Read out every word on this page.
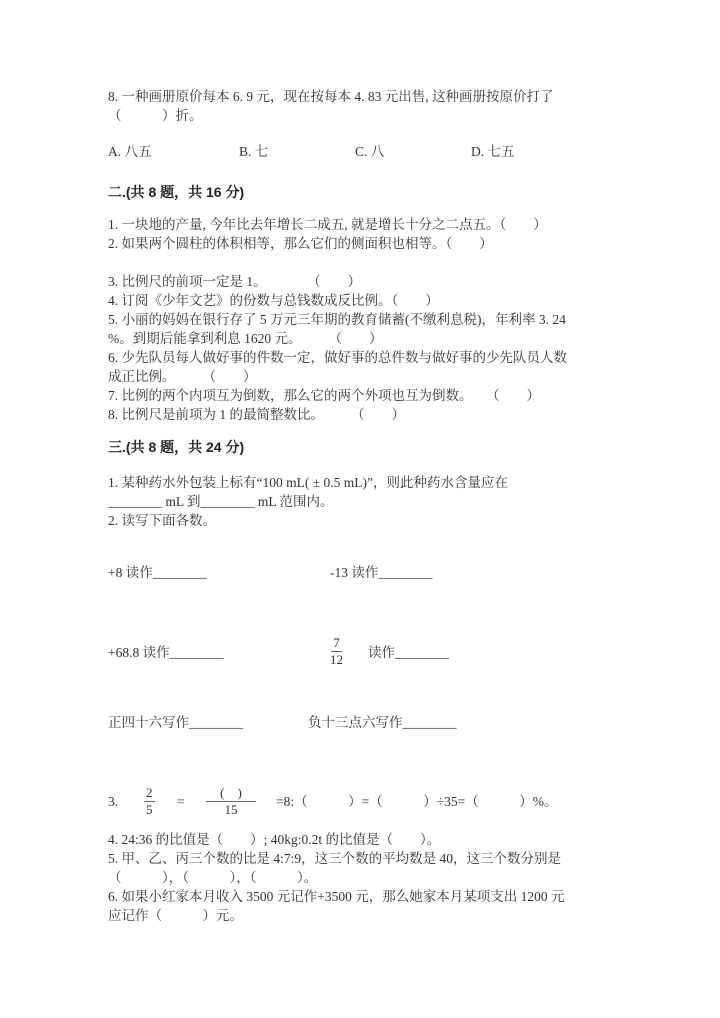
8. 一种画册原价每本 6. 9 元，现在按每本 4. 83 元出售, 这种画册按原价打了
（　　　）折。
A. 八五	B. 七	C. 八	D. 七五
二.(共 8 题，共 16 分)
1. 一块地的产量, 今年比去年增长二成五, 就是增长十分之二点五。（　　）
2. 如果两个圆柱的体积相等，那么它们的侧面积也相等。（　　）
3. 比例尺的前项一定是 1。　　　　（　　）
4. 订阅《少年文艺》的份数与总钱数成反比例。（　　）
5. 小丽的妈妈在银行存了 5 万元三年期的教育储蓄(不缴利息税)，年利率 3. 24
%。到期后能拿到利息 1620 元。　　　（　　）
6. 少先队员每人做好事的件数一定，做好事的总件数与做好事的少先队员人数
成正比例。　　　（　　）
7. 比例的两个内项互为倒数，那么它的两个外项也互为倒数。　　（　　）
8. 比例尺是前项为 1 的最简整数比。　　　（　　）
三.(共 8 题，共 24 分)
1. 某种药水外包装上标有“100 mL( ± 0.5 mL)”，则此种药水含量应在
________ mL 到________ mL 范围内。
2. 读写下面各数。
+8 读作________	-13 读作________
+68.8 读作________	$\frac{7}{12}$ 读作________
正四十六写作________	负十三点六写作________
3. $\frac{2}{5}$ =
(　)
15
=8:（　　　）=（　　　）÷35=（　　　）%。
4. 24:36 的比值是（　　）; 40kg:0.2t 的比值是（　　）。
5. 甲、乙、丙三个数的比是 4:7:9，这三个数的平均数是 40，这三个数分别是
（　　　），（　　　），（　　　）。
6. 如果小红家本月收入 3500 元记作+3500 元，那么她家本月某项支出 1200 元
应记作（　　　）元。
